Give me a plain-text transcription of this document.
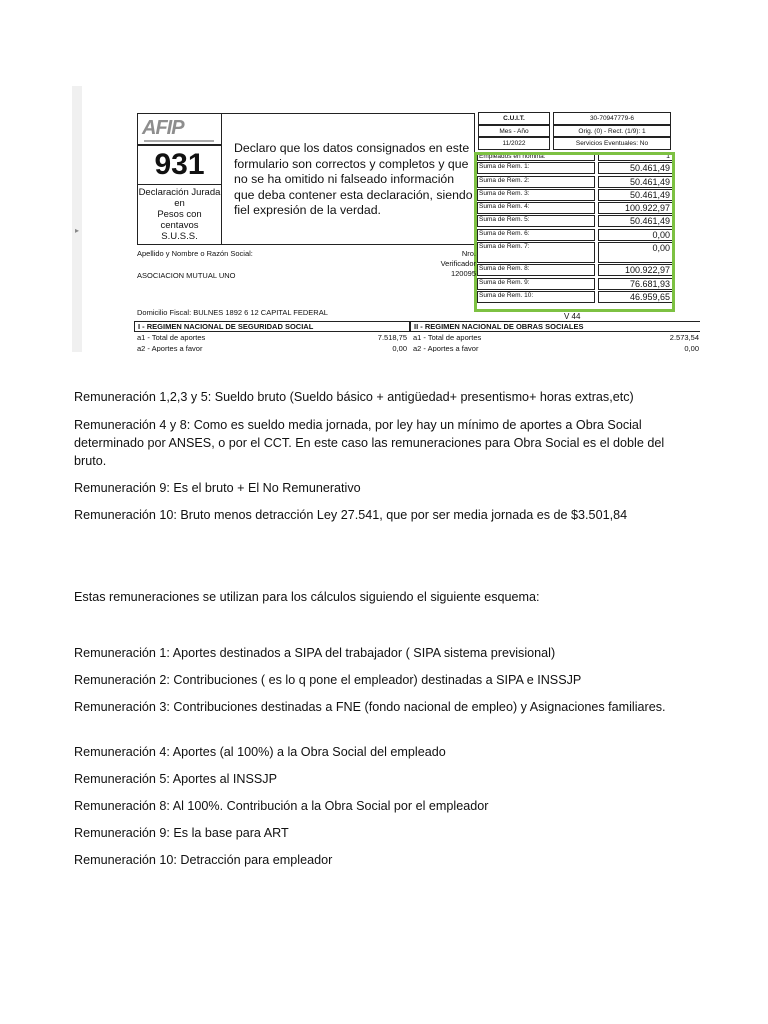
▸
AFIP
931
Declaración Jurada
en
Pesos con
centavos
S.U.S.S.
Declaro que los datos consignados en este formulario son correctos y completos y que no se ha omitido ni falseado información que deba contener esta declaración, siendo fiel expresión de la verdad.
C.U.I.T.	30-70947779-6
Mes - Año	Orig. (0) - Rect. (1/9): 1
11/2022	Servicios Eventuales: No
Empleados en nómina:	1
Suma de Rem. 1:	50.461,49
Suma de Rem. 2:	50.461,49
Suma de Rem. 3:	50.461,49
Suma de Rem. 4:	100.922,97
Suma de Rem. 5:	50.461,49
Suma de Rem. 6:	0,00
Suma de Rem. 7:	0,00
Suma de Rem. 8:	100.922,97
Suma de Rem. 9:	76.681,93
Suma de Rem. 10:	46.959,65
Apellido y Nombre o Razón Social:
ASOCIACION MUTUAL UNO
Nro.
Verificador
120095
Domicilio Fiscal: BULNES 1892 6 12 CAPITAL FEDERAL	V 44
I - REGIMEN NACIONAL DE SEGURIDAD SOCIAL	II - REGIMEN NACIONAL DE OBRAS SOCIALES
a1 - Total de aportes	7.518,75 a1 - Total de aportes	2.573,54
a2 - Aportes a favor	0,00 a2 - Aportes a favor	0,00

Remuneración 1,2,3 y 5: Sueldo bruto (Sueldo básico + antigüedad+ presentismo+ horas extras,etc)

Remuneración 4 y 8: Como es sueldo media jornada, por ley hay un mínimo de aportes a Obra Social determinado por ANSES, o por el CCT. En este caso las remuneraciones para Obra Social es el doble del bruto.

Remuneración 9: Es el bruto + El No Remunerativo

Remuneración 10: Bruto menos detracción Ley 27.541, que por ser media jornada es de $3.501,84

Estas remuneraciones se utilizan para los cálculos siguiendo el siguiente esquema:

Remuneración 1: Aportes destinados a SIPA del trabajador ( SIPA sistema previsional)

Remuneración 2: Contribuciones ( es lo q pone el empleador) destinadas a SIPA e INSSJP

Remuneración 3: Contribuciones destinadas a FNE (fondo nacional de empleo) y Asignaciones familiares.

Remuneración 4: Aportes (al 100%) a la Obra Social del empleado

Remuneración 5: Aportes al INSSJP

Remuneración 8: Al 100%. Contribución a la Obra Social por el empleador

Remuneración 9: Es la base para ART

Remuneración 10: Detracción para empleador
